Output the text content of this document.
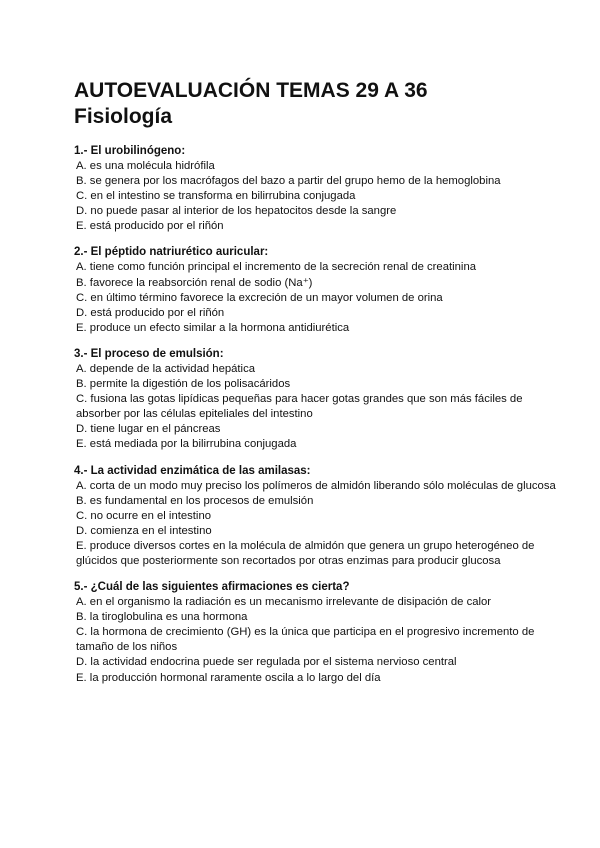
AUTOEVALUACIÓN TEMAS 29 A 36
Fisiología

1.- El urobilinógeno:

A. es una molécula hidrófila

B. se genera por los macrófagos del bazo a partir del grupo hemo de la hemoglobina

C. en el intestino se transforma en bilirrubina conjugada

D. no puede pasar al interior de los hepatocitos desde la sangre

E. está producido por el riñón

2.- El péptido natriurético auricular:

A. tiene como función principal el incremento de la secreción renal de creatinina

B. favorece la reabsorción renal de sodio (Na⁺)

C. en último término favorece la excreción de un mayor volumen de orina

D. está producido por el riñón

E. produce un efecto similar a la hormona antidiurética

3.- El proceso de emulsión:

A. depende de la actividad hepática

B. permite la digestión de los polisacáridos

C. fusiona las gotas lipídicas pequeñas para hacer gotas grandes que son más fáciles de absorber por las células epiteliales del intestino

D. tiene lugar en el páncreas

E. está mediada por la bilirrubina conjugada

4.- La actividad enzimática de las amilasas:

A. corta de un modo muy preciso los polímeros de almidón liberando sólo moléculas de glucosa

B. es fundamental en los procesos de emulsión

C. no ocurre en el intestino

D. comienza en el intestino

E. produce diversos cortes en la molécula de almidón que genera un grupo heterogéneo de glúcidos que posteriormente son recortados por otras enzimas para producir glucosa

5.- ¿Cuál de las siguientes afirmaciones es cierta?

A. en el organismo la radiación es un mecanismo irrelevante de disipación de calor

B. la tiroglobulina es una hormona

C. la hormona de crecimiento (GH) es la única que participa en el progresivo incremento de tamaño de los niños

D. la actividad endocrina puede ser regulada por el sistema nervioso central

E. la producción hormonal raramente oscila a lo largo del día
